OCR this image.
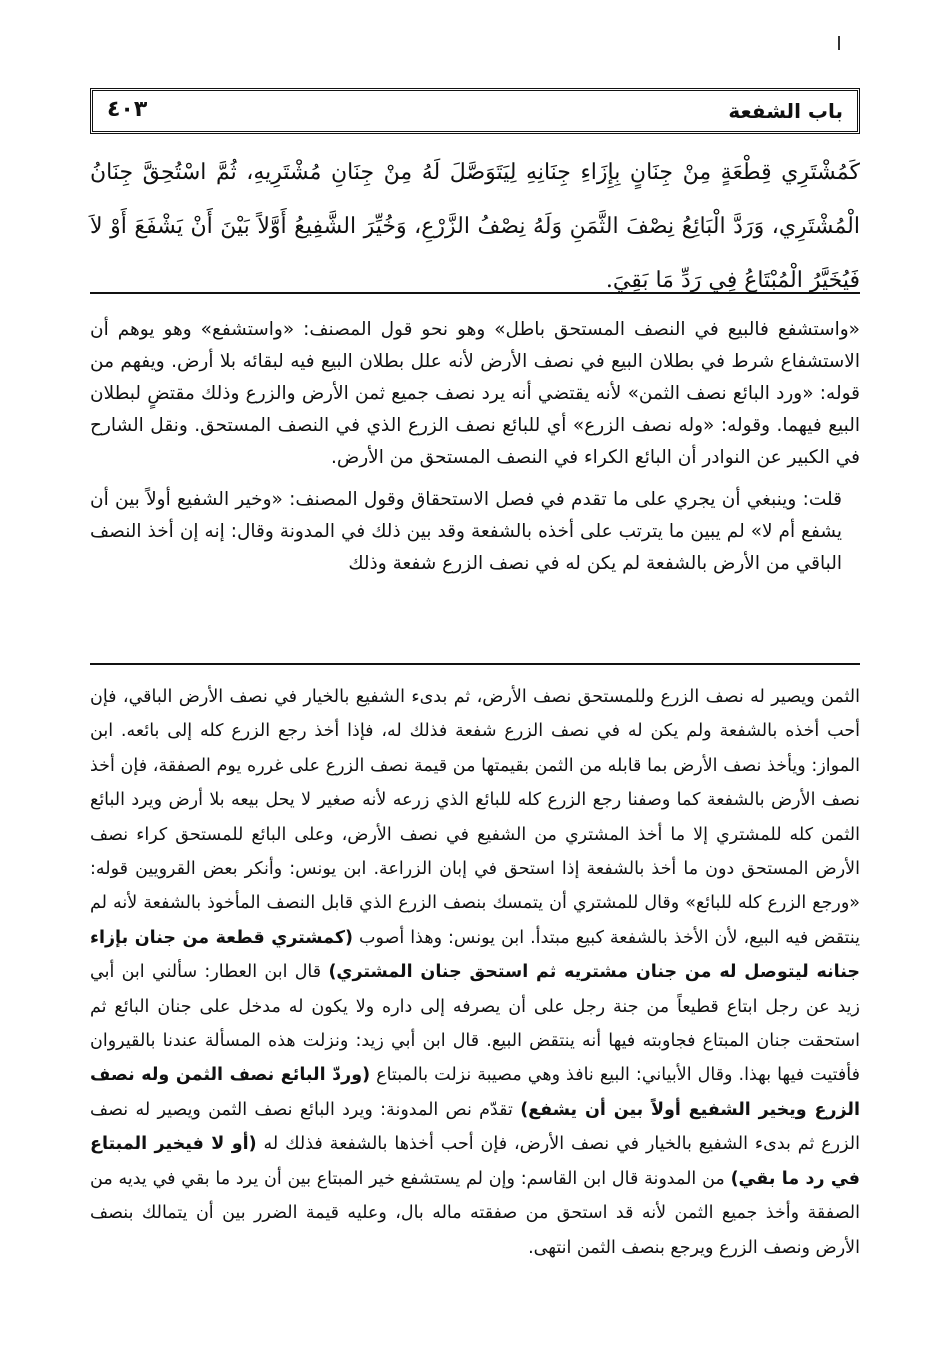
باب الشفعة
٤٠٣
كَمُشْتَرِي قِطْعَةٍ مِنْ جِنَانٍ بِإِزَاءِ جِنَانِهِ لِيَتَوَصَّلَ لَهُ مِنْ جِنَانِ مُشْتَرِيهِ، ثُمَّ اسْتُحِقَّ جِنَانُ الْمُشْتَرِي، وَرَدَّ الْبَائِعُ نِصْفَ الثَّمَنِ وَلَهُ نِصْفُ الزَّرْعِ، وَخُيِّرَ الشَّفِيعُ أَوَّلاً بَيْنَ أَنْ يَشْفَعَ أَوْ لاَ فَيُخَيَّرُ الْمُبْتَاعُ فِي رَدِّ مَا بَقِيَ.

«واستشفع فالبيع في النصف المستحق باطل» وهو نحو قول المصنف: «واستشفع» وهو يوهم أن الاستشفاع شرط في بطلان البيع في نصف الأرض لأنه علل بطلان البيع فيه لبقائه بلا أرض. ويفهم من قوله: «ورد البائع نصف الثمن» لأنه يقتضي أنه يرد نصف جميع ثمن الأرض والزرع وذلك مقتضٍ لبطلان البيع فيهما. وقوله: «وله نصف الزرع» أي للبائع نصف الزرع الذي في النصف المستحق. ونقل الشارح في الكبير عن النوادر أن البائع الكراء في النصف المستحق من الأرض.

قلت: وينبغي أن يجري على ما تقدم في فصل الاستحقاق وقول المصنف: «وخير الشفيع أولاً بين أن يشفع أم لا» لم يبين ما يترتب على أخذه بالشفعة وقد بين ذلك في المدونة وقال: إنه إن أخذ النصف الباقي من الأرض بالشفعة لم يكن له في نصف الزرع شفعة وذلك

الثمن ويصير له نصف الزرع وللمستحق نصف الأرض، ثم بدىء الشفيع بالخيار في نصف الأرض الباقي، فإن أحب أخذه بالشفعة ولم يكن له في نصف الزرع شفعة فذلك له، فإذا أخذ رجع الزرع كله إلى بائعه. ابن المواز: ويأخذ نصف الأرض بما قابله من الثمن بقيمتها من قيمة نصف الزرع على غرره يوم الصفقة، فإن أخذ نصف الأرض بالشفعة كما وصفنا رجع الزرع كله للبائع الذي زرعه لأنه صغير لا يحل بيعه بلا أرض ويرد البائع الثمن كله للمشتري إلا ما أخذ المشتري من الشفيع في نصف الأرض، وعلى البائع للمستحق كراء نصف الأرض المستحق دون ما أخذ بالشفعة إذا استحق في إبان الزراعة. ابن يونس: وأنكر بعض القرويين قوله: «ورجع الزرع كله للبائع» وقال للمشتري أن يتمسك بنصف الزرع الذي قابل النصف المأخوذ بالشفعة لأنه لم ينتقض فيه البيع، لأن الأخذ بالشفعة كبيع مبتدأ. ابن يونس: وهذا أصوب (كمشتري قطعة من جنان بإزاء جنانه ليتوصل له من جنان مشتريه ثم استحق جنان المشتري) قال ابن العطار: سألني ابن أبي زيد عن رجل ابتاع قطيعاً من جنة رجل على أن يصرفه إلى داره ولا يكون له مدخل على جنان البائع ثم استحقت جنان المبتاع فجاوبته فيها أنه ينتقض البيع. قال ابن أبي زيد: ونزلت هذه المسألة عندنا بالقيروان فأفتيت فيها بهذا. وقال الأبياني: البيع نافذ وهي مصيبة نزلت بالمبتاع (وردّ البائع نصف الثمن وله نصف الزرع ويخير الشفيع أولاً بين أن يشفع) تقدّم نص المدونة: ويرد البائع نصف الثمن ويصير له نصف الزرع ثم بدىء الشفيع بالخيار في نصف الأرض، فإن أحب أخذها بالشفعة فذلك له (أو لا فيخير المبتاع في رد ما بقي) من المدونة قال ابن القاسم: وإن لم يستشفع خير المبتاع بين أن يرد ما بقي في يديه من الصفقة وأخذ جميع الثمن لأنه قد استحق من صفقته ماله بال، وعليه قيمة الضرر بين أن يتمالك بنصف الأرض ونصف الزرع ويرجع بنصف الثمن انتهى.
